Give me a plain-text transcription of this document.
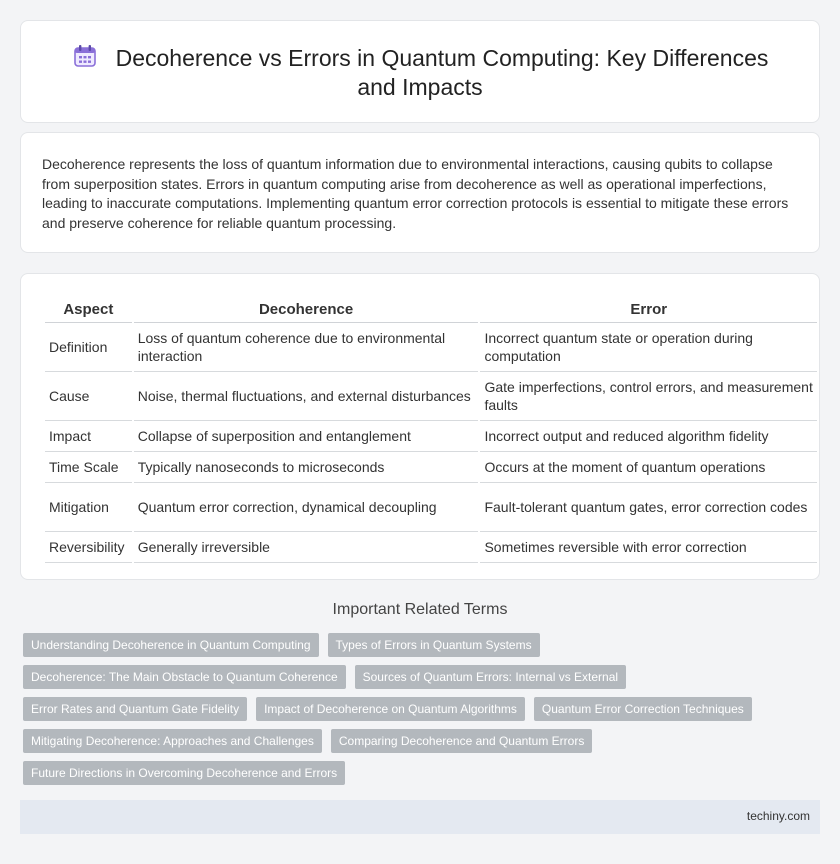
Decoherence vs Errors in Quantum Computing: Key Differences and Impacts
Decoherence represents the loss of quantum information due to environmental interactions, causing qubits to collapse from superposition states. Errors in quantum computing arise from decoherence as well as operational imperfections, leading to inaccurate computations. Implementing quantum error correction protocols is essential to mitigate these errors and preserve coherence for reliable quantum processing.
Aspect	Decoherence	Error
Definition	Loss of quantum coherence due to environmental interaction	Incorrect quantum state or operation during computation
Cause	Noise, thermal fluctuations, and external disturbances	Gate imperfections, control errors, and measurement faults
Impact	Collapse of superposition and entanglement	Incorrect output and reduced algorithm fidelity
Time Scale	Typically nanoseconds to microseconds	Occurs at the moment of quantum operations
Mitigation	Quantum error correction, dynamical decoupling	Fault-tolerant quantum gates, error correction codes
Reversibility	Generally irreversible	Sometimes reversible with error correction
Important Related Terms
Understanding Decoherence in Quantum Computing	Types of Errors in Quantum Systems
Decoherence: The Main Obstacle to Quantum Coherence	Sources of Quantum Errors: Internal vs External
Error Rates and Quantum Gate Fidelity	Impact of Decoherence on Quantum Algorithms	Quantum Error Correction Techniques
Mitigating Decoherence: Approaches and Challenges	Comparing Decoherence and Quantum Errors
Future Directions in Overcoming Decoherence and Errors
techiny.com
